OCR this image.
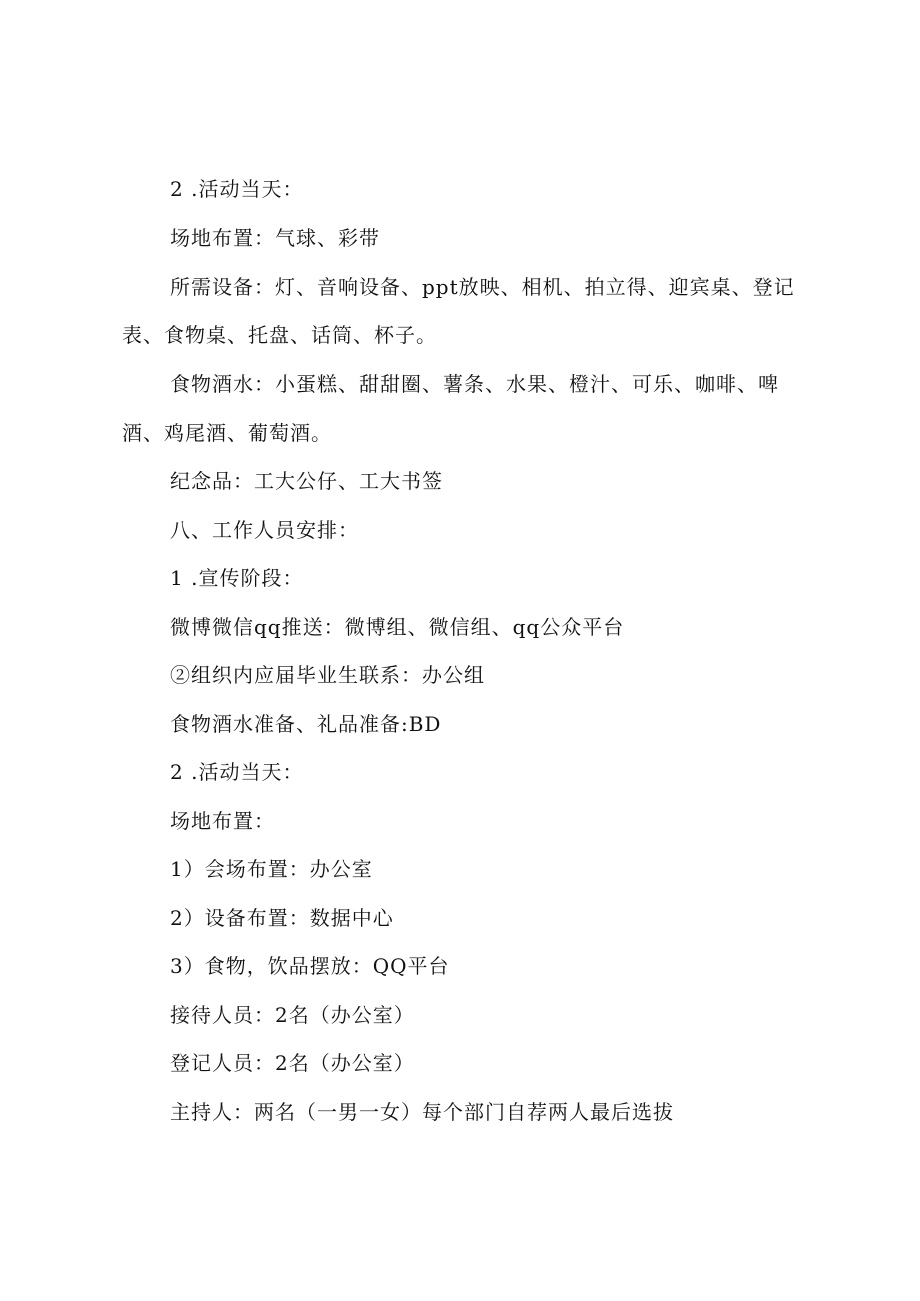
2 .活动当天：
场地布置：气球、彩带
所需设备：灯、音响设备、ppt放映、相机、拍立得、迎宾桌、登记
表、食物桌、托盘、话筒、杯子。
食物酒水：小蛋糕、甜甜圈、薯条、水果、橙汁、可乐、咖啡、啤
酒、鸡尾酒、葡萄酒。
纪念品：工大公仔、工大书签
八、工作人员安排：
1 .宣传阶段：
微博微信qq推送：微博组、微信组、qq公众平台
②组织内应届毕业生联系：办公组
食物酒水准备、礼品准备:BD
2 .活动当天：
场地布置：
1）会场布置：办公室
2）设备布置：数据中心
3）食物，饮品摆放：QQ平台
接待人员：2名（办公室）
登记人员：2名（办公室）
主持人：两名（一男一女）每个部门自荐两人最后选拔
